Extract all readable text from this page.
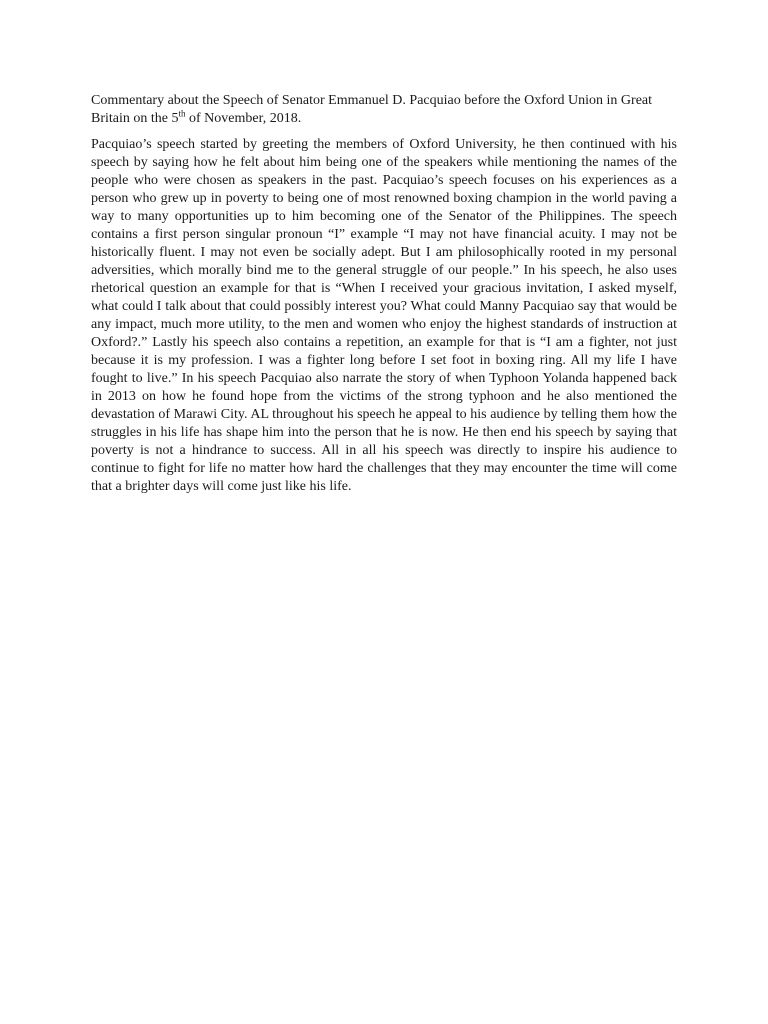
Commentary about the Speech of Senator Emmanuel D. Pacquiao before the Oxford Union in Great Britain on the 5th of November, 2018.

Pacquiao’s speech started by greeting the members of Oxford University, he then continued with his speech by saying how he felt about him being one of the speakers while mentioning the names of the people who were chosen as speakers in the past. Pacquiao’s speech focuses on his experiences as a person who grew up in poverty to being one of most renowned boxing champion in the world paving a way to many opportunities up to him becoming one of the Senator of the Philippines. The speech contains a first person singular pronoun “I” example “I may not have financial acuity. I may not be historically fluent. I may not even be socially adept. But I am philosophically rooted in my personal adversities, which morally bind me to the general struggle of our people.” In his speech, he also uses rhetorical question an example for that is “When I received your gracious invitation, I asked myself, what could I talk about that could possibly interest you? What could Manny Pacquiao say that would be any impact, much more utility, to the men and women who enjoy the highest standards of instruction at Oxford?.” Lastly his speech also contains a repetition, an example for that is “I am a fighter, not just because it is my profession. I was a fighter long before I set foot in boxing ring. All my life I have fought to live.” In his speech Pacquiao also narrate the story of when Typhoon Yolanda happened back in 2013 on how he found hope from the victims of the strong typhoon and he also mentioned the devastation of Marawi City. AL throughout his speech he appeal to his audience by telling them how the struggles in his life has shape him into the person that he is now. He then end his speech by saying that poverty is not a hindrance to success. All in all his speech was directly to inspire his audience to continue to fight for life no matter how hard the challenges that they may encounter the time will come that a brighter days will come just like his life.
